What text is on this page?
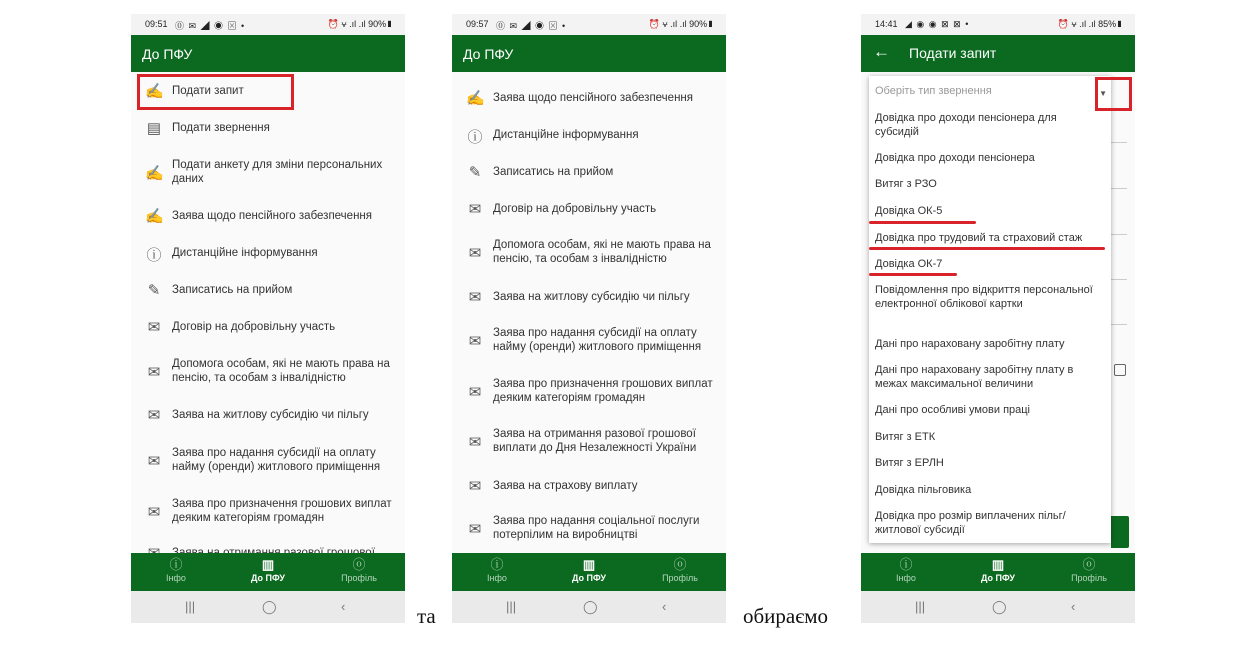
09:51 ⓪ ✉ ◢ ◉ ⊠ •	⏰ ⩝ .ıl .ıl 90%▮
До ПФУ
✍ Подати запит
▤ Подати звернення
✍ Подати анкету для зміни персональних даних
✍ Заява щодо пенсійного забезпечення
ⓘ Дистанційне інформування
✎ Записатись на прийом
✉ Договір на добровільну участь
✉ Допомога особам, які не мають права на пенсію, та особам з інвалідністю
✉ Заява на житлову субсидію чи пільгу
✉ Заява про надання субсидії на оплату найму (оренди) житлового приміщення
✉ Заява про призначення грошових виплат деяким категоріям громадян
ⓘ
Інфо
▥
До ПФУ
ⓞ
Профіль
|||	◯	‹	та
09:57 ⓪ ✉ ◢ ◉ ⊠ •	⏰ ⩝ .ıl .ıl 90%▮
До ПФУ
✍ Заява щодо пенсійного забезпечення
ⓘ Дистанційне інформування
✎ Записатись на прийом
✉ Договір на добровільну участь
✉ Допомога особам, які не мають права на пенсію, та особам з інвалідністю
✉ Заява на житлову субсидію чи пільгу
✉ Заява про надання субсидії на оплату найму (оренди) житлового приміщення
✉ Заява про призначення грошових виплат деяким категоріям громадян
✉ Заява на отримання разової грошової виплати до Дня Незалежності України
✉ Заява на страхову виплату
✉ Заява про надання соціальної послуги потерпілим на виробництві
ⓘ
Інфо
▥
До ПФУ
ⓞ
Профіль
|||	◯	‹	обираємо
14:41 ◢ ◉ ◉ ⊠ ⊠ •	⏰ ⩝ .ıl .ıl 85%▮
← Подати запит
Оберіть тип звернення	▼
Довідка про доходи пенсіонера для субсидій
Довідка про доходи пенсіонера
Витяг з РЗО
Довідка ОК-5
Довідка про трудовий та страховий стаж
Довідка ОК-7
Повідомлення про відкриття персональної електронної облікової картки
Дані про нараховану заробітну плату
Дані про нараховану заробітну плату в межах максимальної величини
Дані про особливі умови праці
Витяг з ЕТК
Витяг з ЕРЛН
Довідка пільговика
Довідка про розмір виплачених пільг/ житлової субсидії
ⓘ
Інфо
▥
До ПФУ
ⓞ
Профіль
|||	◯	‹
